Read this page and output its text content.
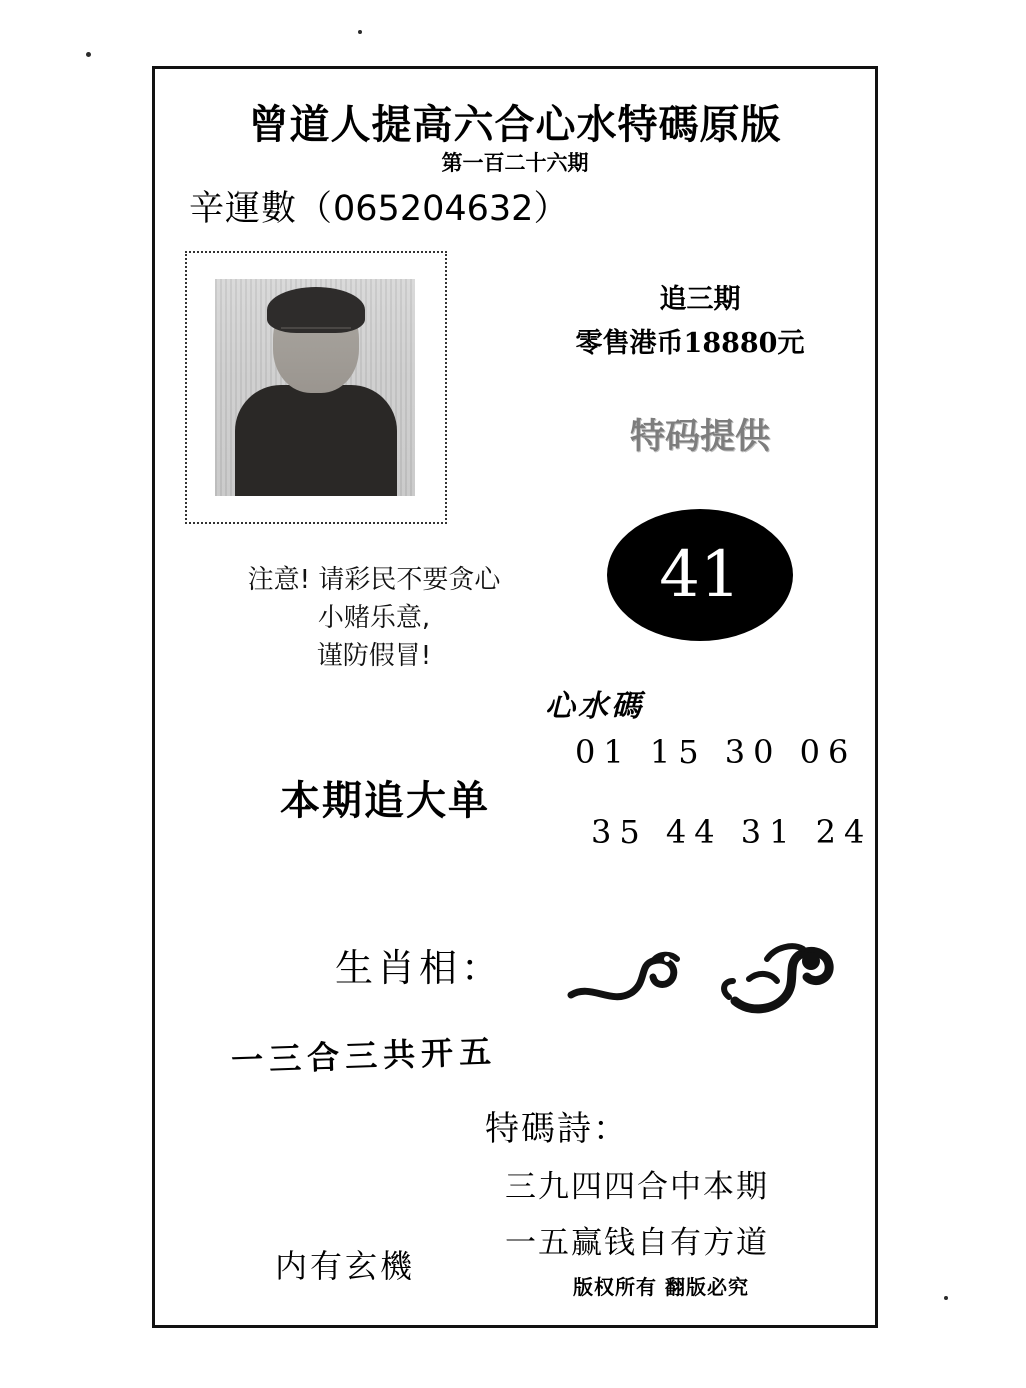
曾道人提高六合心水特碼原版
第一百二十六期
辛運數（065204632）
注意! 请彩民不要贪心
小赌乐意,
谨防假冒!
本期追大单
追三期
零售港币18880元
特码提供
41
心水碼
01 15 30 06
35 44 31 24
生肖相：
一三合三共开五
特碼詩：
三九四四合中本期
一五赢钱自有方道
版权所有 翻版必究
内有玄機
